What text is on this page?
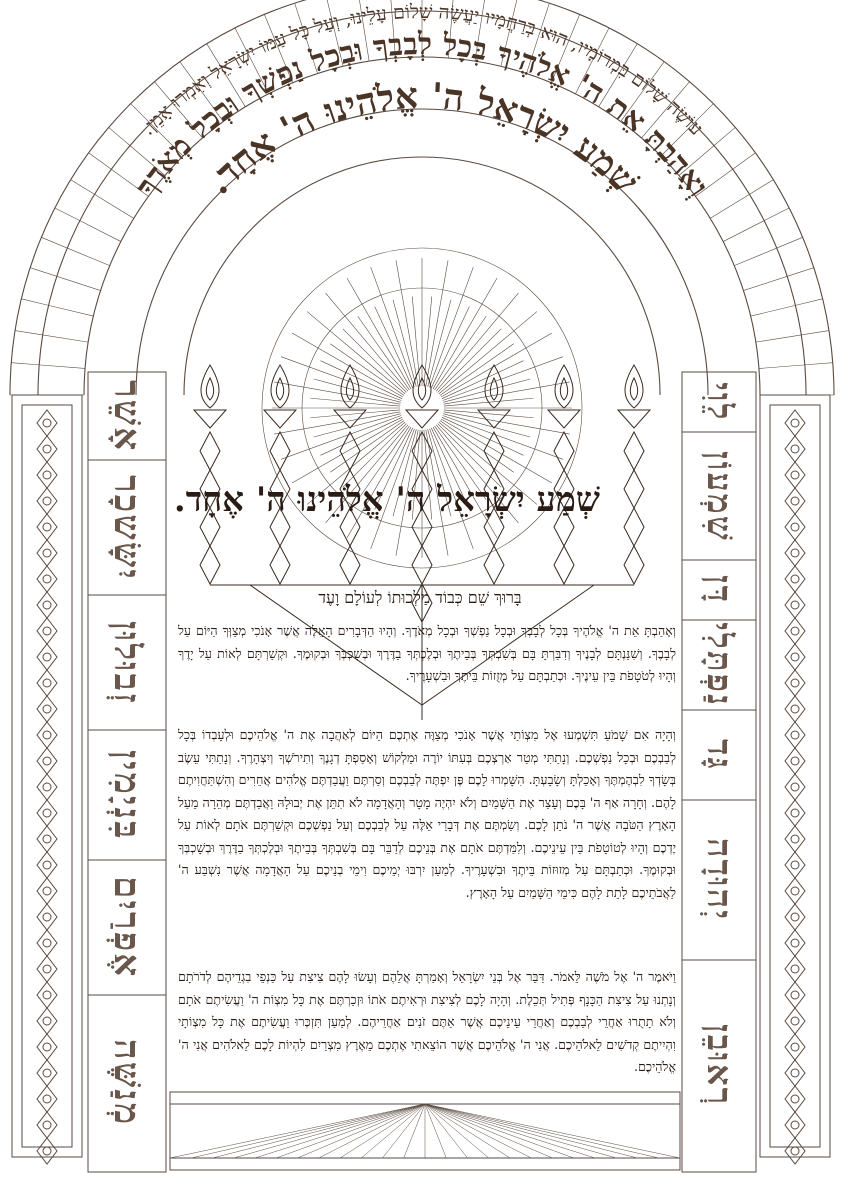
עוֹשֶׂה שָׁלוֹם בִּמְרוֹמָיו, הוּא בְּרַחֲמָיו יַעֲשֶׂה שָׁלוֹם עָלֵינוּ, וְעַל כָּל עַמּוֹ יִשְׂרָאֵל וְאִמְרוּ אָמֵן.
וְאָהַבְתָּ אֵת ה' אֱלֹהֶיךָ בְּכָל לְבָבְךָ וּבְכָל נַפְשְׁךָ וּבְכָל מְאֹדֶךָ
שְׁמַע יִשְׂרָאֵל ה' אֱלֹהֵינוּ ה' אֶחָד.
אָשֵׁר
יִשָּׂשכָר
זְבוּלוּן
בִּנְיָמִין
אֶפְרַיִם
מְנַשֶּׁה
לֵוִי
שִׁמְעוֹן
דָּן
נַפְתָּלִי
גָּד
יְהוּדָה
רְאוּבֵן
שְׁמַע יִשְׂרָאֵל ה' אֱלֹהֵינוּ ה' אֶחָד.
בָּרוּךְ שֵׁם כְּבוֹד מַלְכוּתוֹ לְעוֹלָם וָעֶד
וְאָהַבְתָּ אֵת ה' אֱלֹהֶיךָ בְּכָל לְבָבְךָ וּבְכָל נַפְשְׁךָ וּבְכָל מְאֹדֶךָ. וְהָיוּ הַדְּבָרִים הָאֵלֶּה אֲשֶׁר אָנֹכִי מְצַוְּךָ הַיּוֹם עַל לְבָבֶךָ. וְשִׁנַּנְתָּם לְבָנֶיךָ וְדִבַּרְתָּ בָּם בְּשִׁבְתְּךָ בְּבֵיתֶךָ וּבְלֶכְתְּךָ בַדֶּרֶךְ וּבְשָׁכְבְּךָ וּבְקוּמֶךָ. וּקְשַׁרְתָּם לְאוֹת עַל יָדֶךָ וְהָיוּ לְטֹטָפֹת בֵּין עֵינֶיךָ. וּכְתַבְתָּם עַל מְזֻזוֹת בֵּיתֶךָ וּבִשְׁעָרֶיךָ.
וְהָיָה אִם שָׁמֹעַ תִּשְׁמְעוּ אֶל מִצְוֹתַי אֲשֶׁר אָנֹכִי מְצַוֶּה אֶתְכֶם הַיּוֹם לְאַהֲבָה אֶת ה' אֱלֹהֵיכֶם וּלְעָבְדוֹ בְּכָל לְבַבְכֶם וּבְכָל נַפְשְׁכֶם. וְנָתַתִּי מְטַר אַרְצְכֶם בְּעִתּוֹ יוֹרֶה וּמַלְקוֹשׁ וְאָסַפְתָּ דְגָנֶךָ וְתִירֹשְׁךָ וְיִצְהָרֶךָ. וְנָתַתִּי עֵשֶׂב בְּשָׂדְךָ לִבְהֶמְתֶּךָ וְאָכַלְתָּ וְשָׂבָעְתָּ. הִשָּׁמְרוּ לָכֶם פֶּן יִפְתֶּה לְבַבְכֶם וְסַרְתֶּם וַעֲבַדְתֶּם אֱלֹהִים אֲחֵרִים וְהִשְׁתַּחֲוִיתֶם לָהֶם. וְחָרָה אַף ה' בָּכֶם וְעָצַר אֶת הַשָּׁמַיִם וְלֹא יִהְיֶה מָטָר וְהָאֲדָמָה לֹא תִתֵּן אֶת יְבוּלָהּ וַאֲבַדְתֶּם מְהֵרָה מֵעַל הָאָרֶץ הַטֹּבָה אֲשֶׁר ה' נֹתֵן לָכֶם. וְשַׂמְתֶּם אֶת דְּבָרַי אֵלֶּה עַל לְבַבְכֶם וְעַל נַפְשְׁכֶם וּקְשַׁרְתֶּם אֹתָם לְאוֹת עַל יֶדְכֶם וְהָיוּ לְטוֹטָפֹת בֵּין עֵינֵיכֶם. וְלִמַּדְתֶּם אֹתָם אֶת בְּנֵיכֶם לְדַבֵּר בָּם בְּשִׁבְתְּךָ בְּבֵיתֶךָ וּבְלֶכְתְּךָ בַדֶּרֶךְ וּבְשָׁכְבְּךָ וּבְקוּמֶךָ. וּכְתַבְתָּם עַל מְזוּזוֹת בֵּיתֶךָ וּבִשְׁעָרֶיךָ. לְמַעַן יִרְבּוּ יְמֵיכֶם וִימֵי בְנֵיכֶם עַל הָאֲדָמָה אֲשֶׁר נִשְׁבַּע ה' לַאֲבֹתֵיכֶם לָתֵת לָהֶם כִּימֵי הַשָּׁמַיִם עַל הָאָרֶץ.
וַיֹּאמֶר ה' אֶל מֹשֶׁה לֵּאמֹר. דַּבֵּר אֶל בְּנֵי יִשְׂרָאֵל וְאָמַרְתָּ אֲלֵהֶם וְעָשׂוּ לָהֶם צִיצִת עַל כַּנְפֵי בִגְדֵיהֶם לְדֹרֹתָם וְנָתְנוּ עַל צִיצִת הַכָּנָף פְּתִיל תְּכֵלֶת. וְהָיָה לָכֶם לְצִיצִת וּרְאִיתֶם אֹתוֹ וּזְכַרְתֶּם אֶת כָּל מִצְוֹת ה' וַעֲשִׂיתֶם אֹתָם וְלֹא תָתֻרוּ אַחֲרֵי לְבַבְכֶם וְאַחֲרֵי עֵינֵיכֶם אֲשֶׁר אַתֶּם זֹנִים אַחֲרֵיהֶם. לְמַעַן תִּזְכְּרוּ וַעֲשִׂיתֶם אֶת כָּל מִצְוֹתָי וִהְיִיתֶם קְדֹשִׁים לֵאלֹהֵיכֶם. אֲנִי ה' אֱלֹהֵיכֶם אֲשֶׁר הוֹצֵאתִי אֶתְכֶם מֵאֶרֶץ מִצְרַיִם לִהְיוֹת לָכֶם לֵאלֹהִים אֲנִי ה' אֱלֹהֵיכֶם.
